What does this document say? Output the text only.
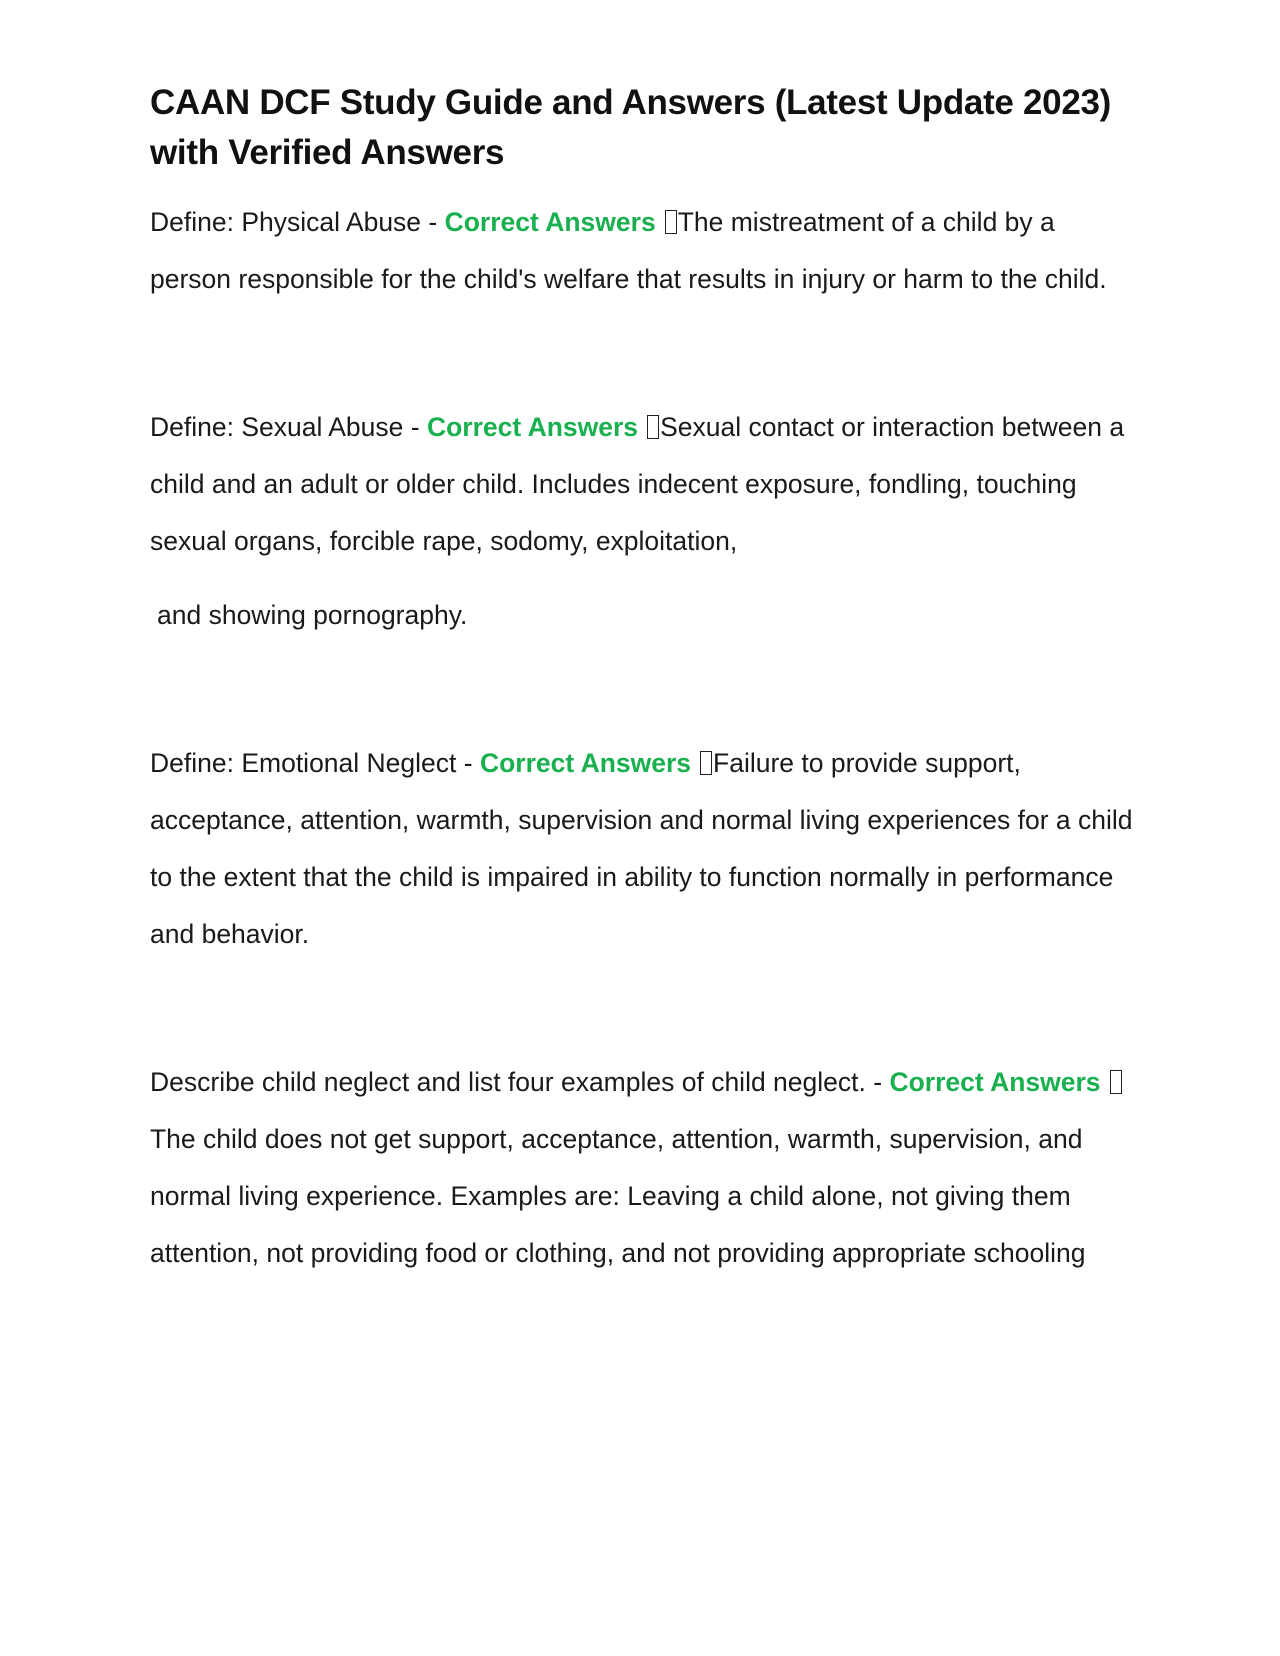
CAAN DCF Study Guide and Answers (Latest Update 2023) with Verified Answers

Define: Physical Abuse - Correct Answers The mistreatment of a child by a person responsible for the child's welfare that results in injury or harm to the child.

Define: Sexual Abuse - Correct Answers Sexual contact or interaction between a child and an adult or older child. Includes indecent exposure, fondling, touching sexual organs, forcible rape, sodomy, exploitation,
and showing pornography.

Define: Emotional Neglect - Correct Answers Failure to provide support, acceptance, attention, warmth, supervision and normal living experiences for a child to the extent that the child is impaired in ability to function normally in performance and behavior.

Describe child neglect and list four examples of child neglect. - Correct AnswersThe child does not get support, acceptance, attention, warmth, supervision, and normal living experience. Examples are: Leaving a child alone, not giving them attention, not providing food or clothing, and not providing appropriate schooling
